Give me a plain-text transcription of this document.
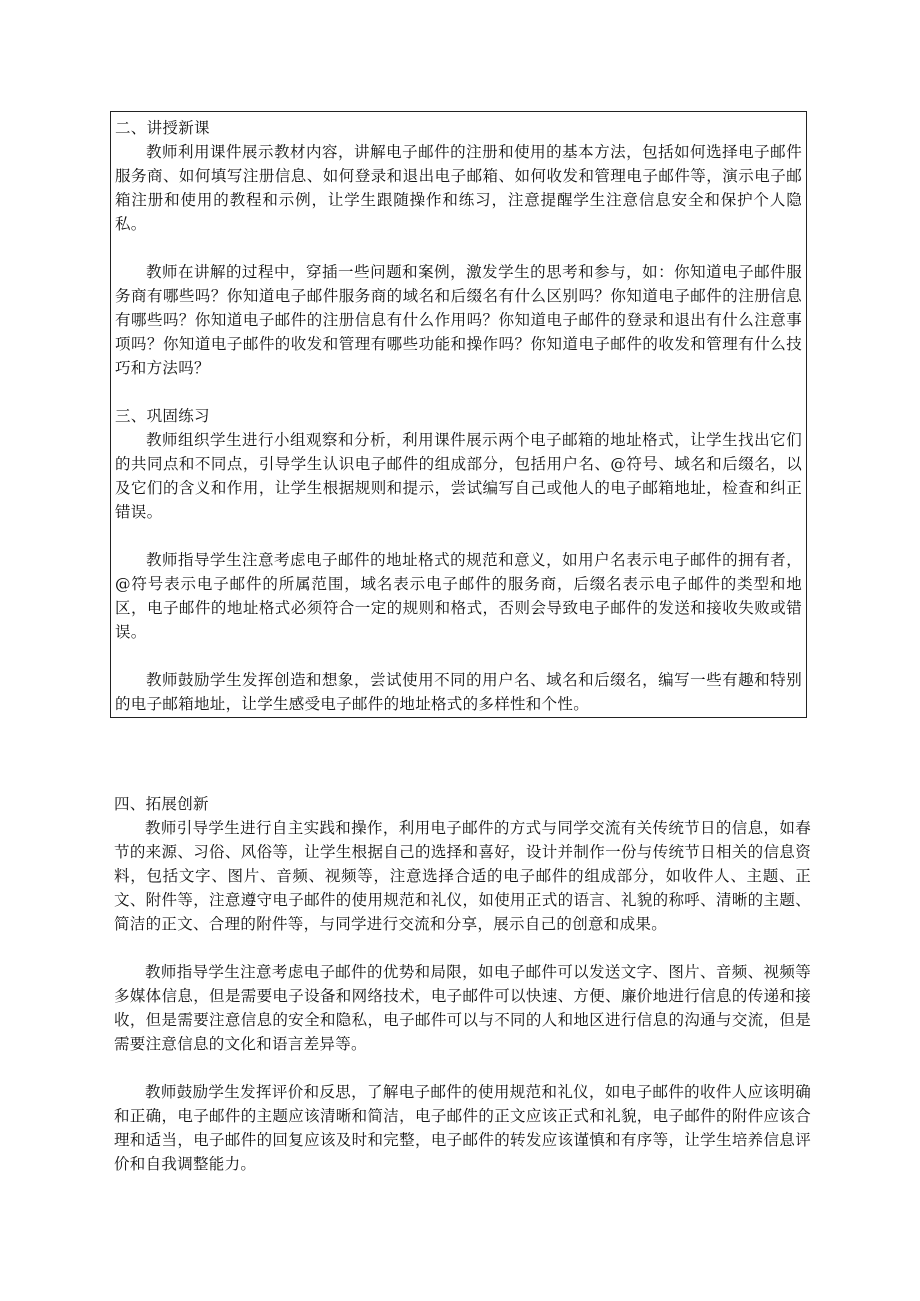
二、讲授新课

教师利用课件展示教材内容，讲解电子邮件的注册和使用的基本方法，包括如何选择电子邮件服务商、如何填写注册信息、如何登录和退出电子邮箱、如何收发和管理电子邮件等，演示电子邮箱注册和使用的教程和示例，让学生跟随操作和练习，注意提醒学生注意信息安全和保护个人隐私。

教师在讲解的过程中，穿插一些问题和案例，激发学生的思考和参与，如：你知道电子邮件服务商有哪些吗？你知道电子邮件服务商的域名和后缀名有什么区别吗？你知道电子邮件的注册信息有哪些吗？你知道电子邮件的注册信息有什么作用吗？你知道电子邮件的登录和退出有什么注意事项吗？你知道电子邮件的收发和管理有哪些功能和操作吗？你知道电子邮件的收发和管理有什么技巧和方法吗？

三、巩固练习

教师组织学生进行小组观察和分析，利用课件展示两个电子邮箱的地址格式，让学生找出它们的共同点和不同点，引导学生认识电子邮件的组成部分，包括用户名、@符号、域名和后缀名，以及它们的含义和作用，让学生根据规则和提示，尝试编写自己或他人的电子邮箱地址，检查和纠正错误。

教师指导学生注意考虑电子邮件的地址格式的规范和意义，如用户名表示电子邮件的拥有者，@符号表示电子邮件的所属范围，域名表示电子邮件的服务商，后缀名表示电子邮件的类型和地区，电子邮件的地址格式必须符合一定的规则和格式，否则会导致电子邮件的发送和接收失败或错误。

教师鼓励学生发挥创造和想象，尝试使用不同的用户名、域名和后缀名，编写一些有趣和特别的电子邮箱地址，让学生感受电子邮件的地址格式的多样性和个性。

四、拓展创新

教师引导学生进行自主实践和操作，利用电子邮件的方式与同学交流有关传统节日的信息，如春节的来源、习俗、风俗等，让学生根据自己的选择和喜好，设计并制作一份与传统节日相关的信息资料，包括文字、图片、音频、视频等，注意选择合适的电子邮件的组成部分，如收件人、主题、正文、附件等，注意遵守电子邮件的使用规范和礼仪，如使用正式的语言、礼貌的称呼、清晰的主题、简洁的正文、合理的附件等，与同学进行交流和分享，展示自己的创意和成果。

教师指导学生注意考虑电子邮件的优势和局限，如电子邮件可以发送文字、图片、音频、视频等多媒体信息，但是需要电子设备和网络技术，电子邮件可以快速、方便、廉价地进行信息的传递和接收，但是需要注意信息的安全和隐私，电子邮件可以与不同的人和地区进行信息的沟通与交流，但是需要注意信息的文化和语言差异等。

教师鼓励学生发挥评价和反思，了解电子邮件的使用规范和礼仪，如电子邮件的收件人应该明确和正确，电子邮件的主题应该清晰和简洁，电子邮件的正文应该正式和礼貌，电子邮件的附件应该合理和适当，电子邮件的回复应该及时和完整，电子邮件的转发应该谨慎和有序等，让学生培养信息评价和自我调整能力。
